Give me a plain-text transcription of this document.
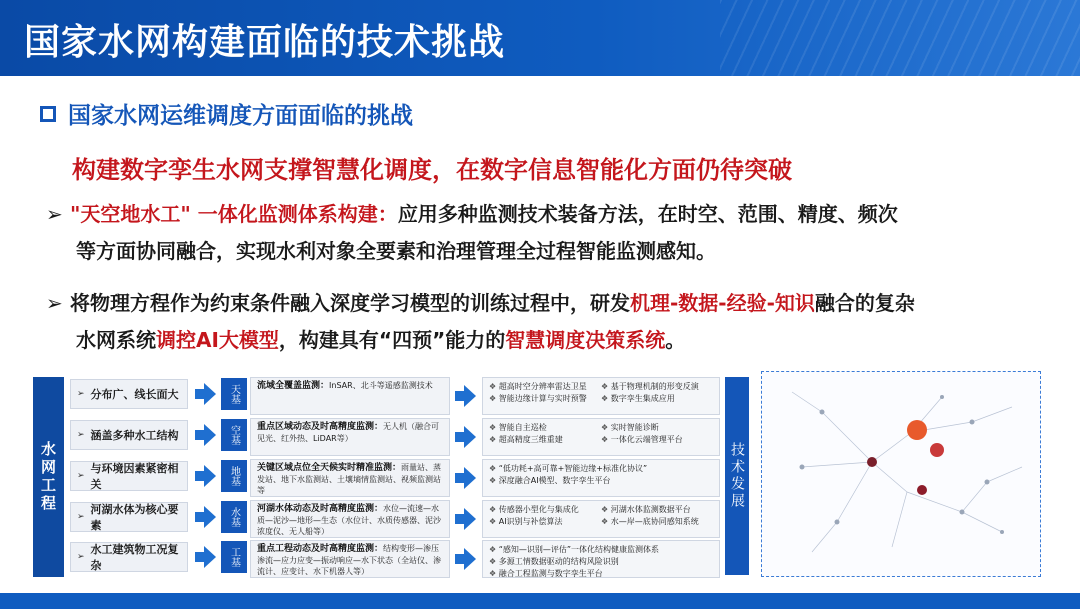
国家水网构建面临的技术挑战
国家水网运维调度方面面临的挑战
构建数字孪生水网支撑智慧化调度，在数字信息智能化方面仍待突破
➢ "天空地水工" 一体化监测体系构建：应用多种监测技术装备方法，在时空、范围、精度、频次
等方面协同融合，实现水利对象全要素和治理管理全过程智能监测感知。
➢ 将物理方程作为约束条件融入深度学习模型的训练过程中，研发机理-数据-经验-知识融合的复杂
水网系统调控AI大模型，构建具有“四预”能力的智慧调度决策系统。
水网工程
➢ 分布广、线长面大	天基	流域全覆盖监测：InSAR、北斗等遥感监测技术	❖ 超高时空分辨率雷达卫星	❖ 基于物理机制的形变反演
❖ 智能边缘计算与实时预警	❖ 数字孪生集成应用
➢ 涵盖多种水工结构	空基	重点区域动态及时高精度监测：无人机（融合可见光、红外热、LiDAR等）
❖ 智能自主巡检	❖ 实时智能诊断
❖ 超高精度三维重建	❖ 一体化云端管理平台
➢
与环境因素紧密相关	地基	关键区域点位全天候实时精准监测：雨量站、蒸发站、地下水监测站、土壤墒情监测站、视频监测站等
❖ “低功耗+高可靠+智能边缘+标准化协议”
❖ 深度融合AI模型、数字孪生平台
➢
河湖水体为核心要素	水基	河湖水体动态及时高精度监测：水位—流速—水质—泥沙—地形—生态（水位计、水质传感器、泥沙浓度仪、无人船等）
❖ 传感器小型化与集成化	❖ 河湖水体监测数据平台
❖ AI识别与补偿算法	❖ 水—岸—底协同感知系统
➢
水工建筑物工况复杂	工基	重点工程动态及时高精度监测：结构变形—渗压渗流—应力应变—振动响应—水下状态（全站仪、渗流计、应变计、水下机器人等）
❖ “感知—识别—评估”一体化结构健康监测体系
❖ 多源工情数据驱动的结构风险识别
❖ 融合工程监测与数字孪生平台
技术发展
